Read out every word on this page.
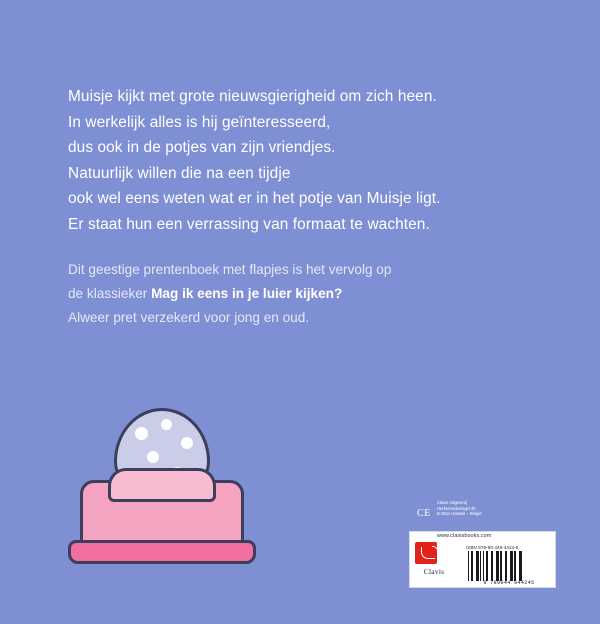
Muisje kijkt met grote nieuwsgierigheid om zich heen.
In werkelijk alles is hij geïnteresseerd,
dus ook in de potjes van zijn vriendjes.
Natuurlijk willen die na een tijdje
ook wel eens weten wat er in het potje van Muisje ligt.
Er staat hun een verrassing van formaat te wachten.
Dit geestige prentenboek met flapjes is het vervolg op
de klassieker Mag ik eens in je luier kijken?
Alweer pret verzekerd voor jong en oud.
CE
Clavis Uitgeverij
Herkenrodesingel 4b
B-3511 Hasselt – België
www.clavisbooks.com
ISBN 978-90-448-4424-5
Clavis
9 789044 844245
